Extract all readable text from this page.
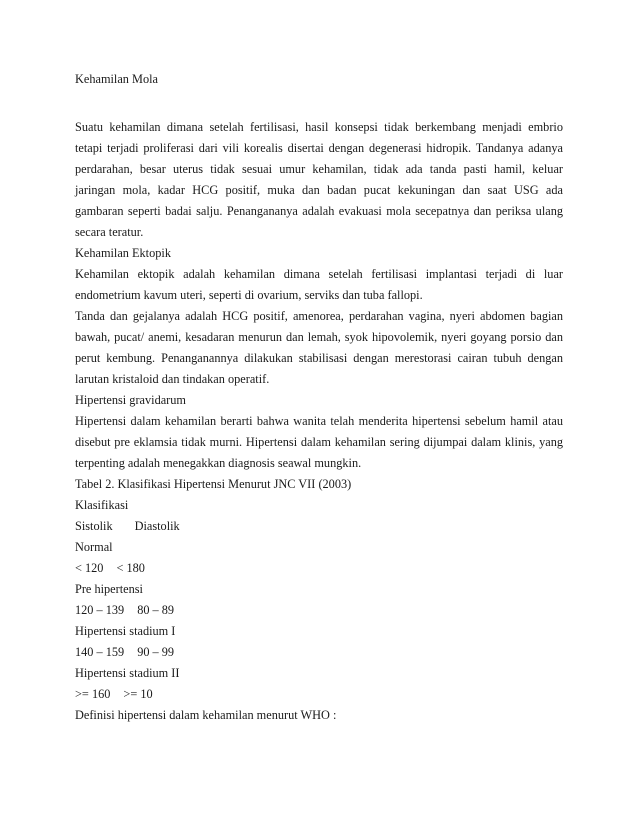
Kehamilan Mola
Suatu kehamilan dimana setelah fertilisasi, hasil konsepsi tidak berkembang menjadi embrio
tetapi terjadi proliferasi dari vili korealis disertai dengan degenerasi hidropik. Tandanya adanya
perdarahan, besar uterus tidak sesuai umur kehamilan, tidak ada tanda pasti hamil, keluar
jaringan mola, kadar HCG positif, muka dan badan pucat kekuningan dan saat USG ada
gambaran seperti badai salju. Penangananya adalah evakuasi mola secepatnya dan periksa ulang
secara teratur.
Kehamilan Ektopik
Kehamilan ektopik adalah kehamilan dimana setelah fertilisasi implantasi terjadi di luar
endometrium kavum uteri, seperti di ovarium, serviks dan tuba fallopi.
Tanda dan gejalanya adalah HCG positif, amenorea, perdarahan vagina, nyeri abdomen bagian
bawah, pucat/ anemi, kesadaran menurun dan lemah, syok hipovolemik, nyeri goyang porsio dan
perut kembung. Penanganannya dilakukan stabilisasi dengan merestorasi cairan tubuh dengan
larutan kristaloid dan tindakan operatif.
Hipertensi gravidarum
Hipertensi dalam kehamilan berarti bahwa wanita telah menderita hipertensi sebelum hamil atau
disebut pre eklamsia tidak murni. Hipertensi dalam kehamilan sering dijumpai dalam klinis, yang
terpenting adalah menegakkan diagnosis seawal mungkin.
Tabel 2. Klasifikasi Hipertensi Menurut JNC VII (2003)
Klasifikasi
Sistolik Diastolik
Normal
< 120 < 180
Pre hipertensi
120 – 139 80 – 89
Hipertensi stadium I
140 – 159 90 – 99
Hipertensi stadium II
>= 160 >= 10
Definisi hipertensi dalam kehamilan menurut WHO :
